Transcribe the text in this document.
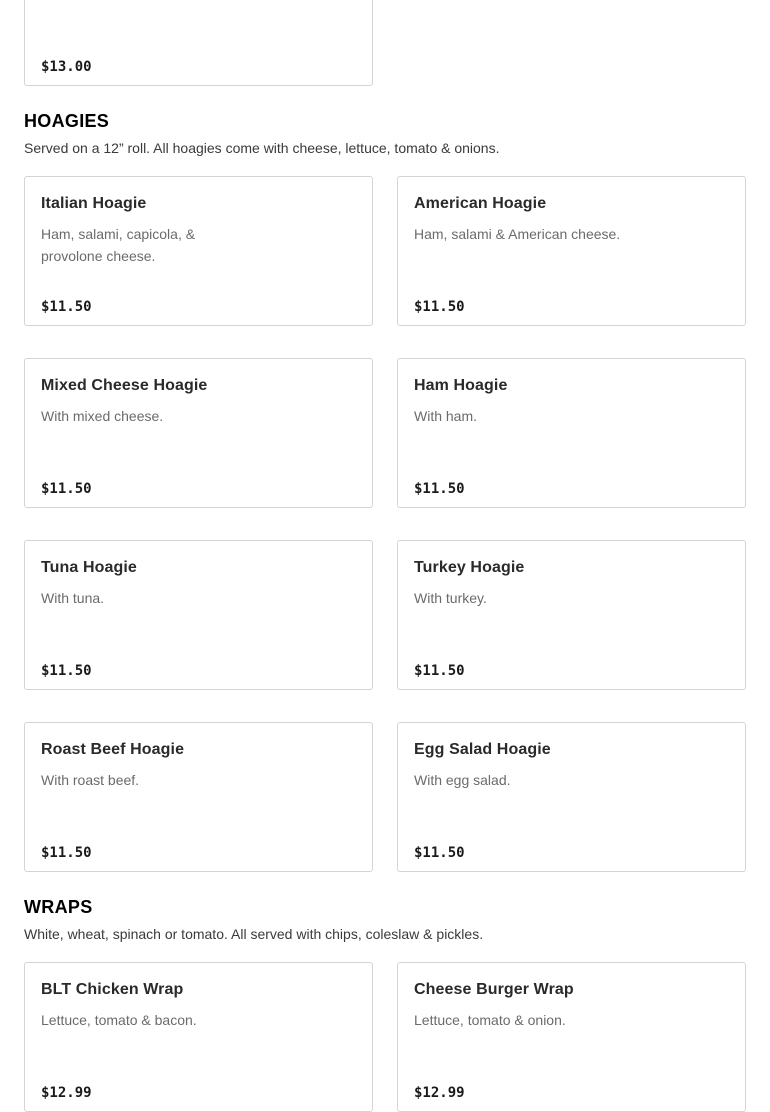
$13.00
HOAGIES

Served on a 12” roll. All hoagies come with cheese, lettuce, tomato & onions.

Italian Hoagie
Ham, salami, capicola, & provolone cheese.
$11.50
American Hoagie
Ham, salami & American cheese.
$11.50
Mixed Cheese Hoagie
With mixed cheese.
$11.50
Ham Hoagie
With ham.
$11.50
Tuna Hoagie
With tuna.
$11.50
Turkey Hoagie
With turkey.
$11.50
Roast Beef Hoagie
With roast beef.
$11.50
Egg Salad Hoagie
With egg salad.
$11.50
WRAPS

White, wheat, spinach or tomato. All served with chips, coleslaw & pickles.

BLT Chicken Wrap
Lettuce, tomato & bacon.
$12.99
Cheese Burger Wrap
Lettuce, tomato & onion.
$12.99
